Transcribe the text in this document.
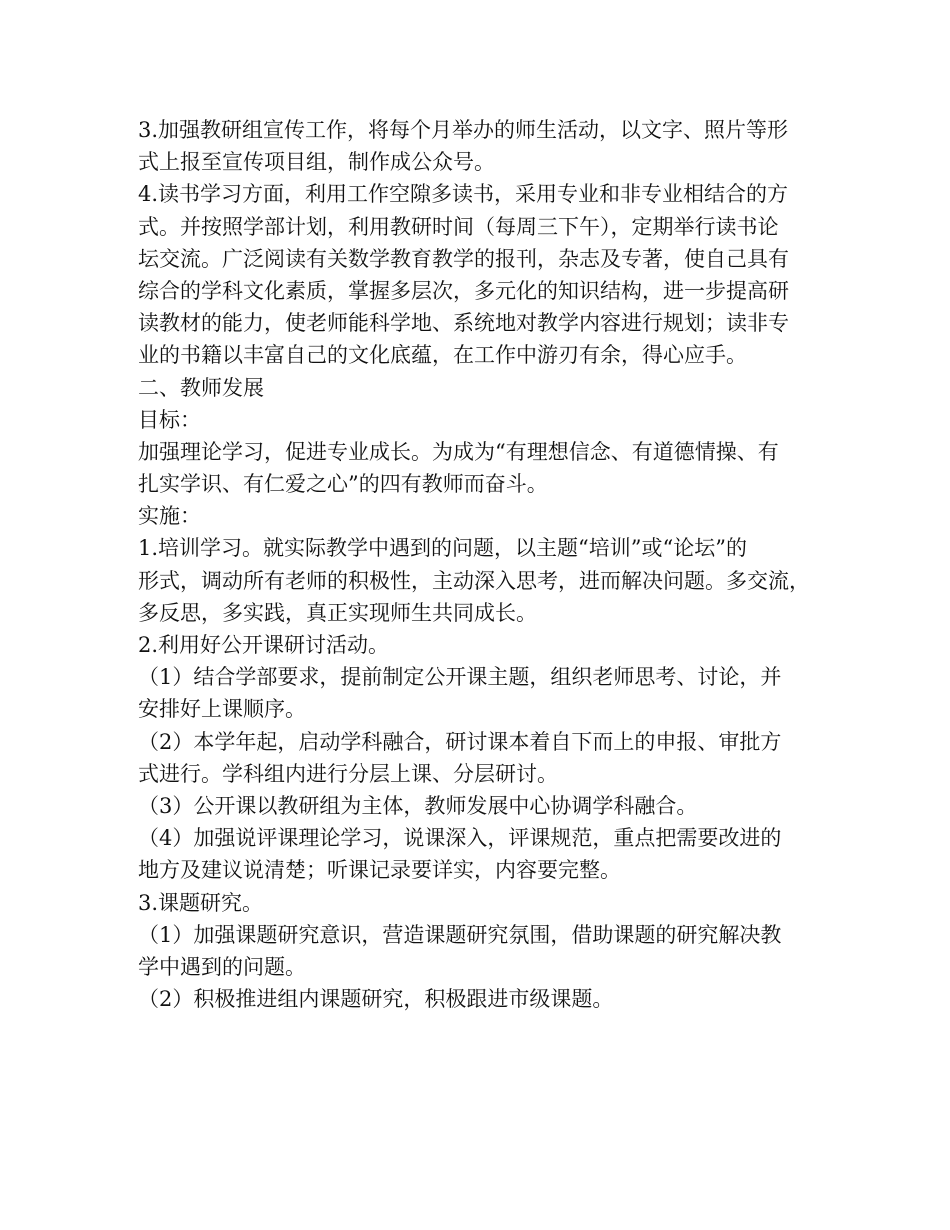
3.加强教研组宣传工作，将每个月举办的师生活动，以文字、照片等形
式上报至宣传项目组，制作成公众号。
4.读书学习方面，利用工作空隙多读书，采用专业和非专业相结合的方
式。并按照学部计划，利用教研时间（每周三下午），定期举行读书论
坛交流。广泛阅读有关数学教育教学的报刊，杂志及专著，使自己具有
综合的学科文化素质，掌握多层次，多元化的知识结构，进一步提高研
读教材的能力，使老师能科学地、系统地对教学内容进行规划；读非专
业的书籍以丰富自己的文化底蕴，在工作中游刃有余，得心应手。
二、教师发展
目标：
加强理论学习，促进专业成长。为成为“有理想信念、有道德情操、有
扎实学识、有仁爱之心”的四有教师而奋斗。
实施：
1.培训学习。就实际教学中遇到的问题，以主题“培训”或“论坛”的
形式，调动所有老师的积极性，主动深入思考，进而解决问题。多交流，
多反思，多实践，真正实现师生共同成长。
2.利用好公开课研讨活动。
（1）结合学部要求，提前制定公开课主题，组织老师思考、讨论，并
安排好上课顺序。
（2）本学年起，启动学科融合，研讨课本着自下而上的申报、审批方
式进行。学科组内进行分层上课、分层研讨。
（3）公开课以教研组为主体，教师发展中心协调学科融合。
（4）加强说评课理论学习，说课深入，评课规范，重点把需要改进的
地方及建议说清楚；听课记录要详实，内容要完整。
3.课题研究。
（1）加强课题研究意识，营造课题研究氛围，借助课题的研究解决教
学中遇到的问题。
（2）积极推进组内课题研究，积极跟进市级课题。
